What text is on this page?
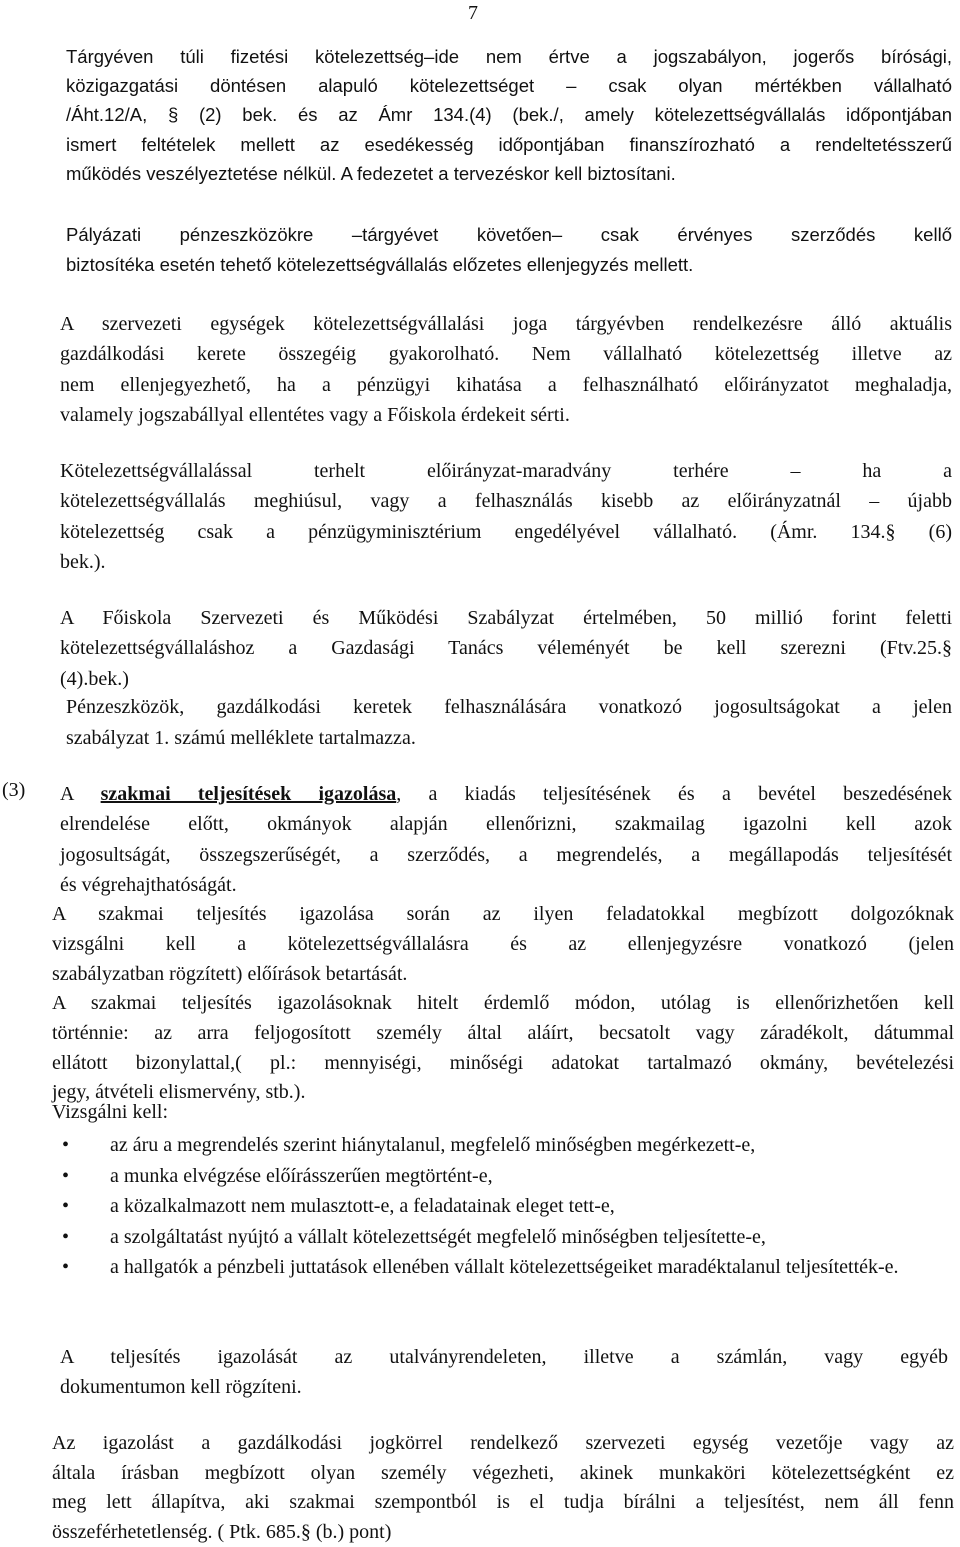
7

Tárgyéven túli fizetési kötelezettség–ide nem értve a jogszabályon, jogerős bírósági,
közigazgatási döntésen alapuló kötelezettséget – csak olyan mértékben vállalható
/Áht.12/A, § (2) bek. és az Ámr 134.(4) (bek./, amely kötelezettségvállalás időpontjában
ismert feltételek mellett az esedékesség időpontjában finanszírozható a rendeltetésszerű
működés veszélyeztetése nélkül. A fedezetet a tervezéskor kell biztosítani.

Pályázati pénzeszközökre –tárgyévet követően– csak érvényes szerződés kellő
biztosítéka esetén tehető kötelezettségvállalás előzetes ellenjegyzés mellett.

A szervezeti egységek kötelezettségvállalási joga tárgyévben rendelkezésre álló aktuális
gazdálkodási kerete összegéig gyakorolható. Nem vállalható kötelezettség illetve az
nem ellenjegyezhető, ha a pénzügyi kihatása a felhasználható előirányzatot meghaladja,
valamely jogszabállyal ellentétes vagy a Főiskola érdekeit sérti.

Kötelezettségvállalással terhelt előirányzat-maradvány terhére – ha a
kötelezettségvállalás meghiúsul, vagy a felhasználás kisebb az előirányzatnál – újabb
kötelezettség csak a pénzügyminisztérium engedélyével vállalható. (Ámr. 134.§ (6)
bek.).

A Főiskola Szervezeti és Működési Szabályzat értelmében, 50 millió forint feletti
kötelezettségvállaláshoz a Gazdasági Tanács véleményét be kell szerezni (Ftv.25.§
(4).bek.)

Pénzeszközök, gazdálkodási keretek felhasználására vonatkozó jogosultságokat a jelen
szabályzat 1. számú melléklete tartalmazza.

(3) A szakmai teljesítések igazolása, a kiadás teljesítésének és a bevétel beszedésének
elrendelése előtt, okmányok alapján ellenőrizni, szakmailag igazolni kell azok
jogosultságát, összegszerűségét, a szerződés, a megrendelés, a megállapodás teljesítését
és végrehajthatóságát.

A szakmai teljesítés igazolása során az ilyen feladatokkal megbízott dolgozóknak
vizsgálni kell a kötelezettségvállalásra és az ellenjegyzésre vonatkozó (jelen
szabályzatban rögzített) előírások betartását.

A szakmai teljesítés igazolásoknak hitelt érdemlő módon, utólag is ellenőrizhetően kell
történnie: az arra feljogosított személy által aláírt, becsatolt vagy záradékolt, dátummal
ellátott bizonylattal,( pl.: mennyiségi, minőségi adatokat tartalmazó okmány, bevételezési
jegy, átvételi elismervény, stb.).

Vizsgálni kell:
• az áru a megrendelés szerint hiánytalanul, megfelelő minőségben megérkezett-e,
• a munka elvégzése előírásszerűen megtörtént-e,
• a közalkalmazott nem mulasztott-e, a feladatainak eleget tett-e,
• a szolgáltatást nyújtó a vállalt kötelezettségét megfelelő minőségben teljesítette-e,
• a hallgatók a pénzbeli juttatások ellenében vállalt kötelezettségeiket maradéktalanul teljesítették-e.

A teljesítés igazolását az utalványrendeleten, illetve a számlán, vagy egyéb
dokumentumon kell rögzíteni.

Az igazolást a gazdálkodási jogkörrel rendelkező szervezeti egység vezetője vagy az
általa írásban megbízott olyan személy végezheti, akinek munkaköri kötelezettségként ez
meg lett állapítva, aki szakmai szempontból is el tudja bírálni a teljesítést, nem áll fenn
összeférhetetlenség. ( Ptk. 685.§ (b.) pont)
